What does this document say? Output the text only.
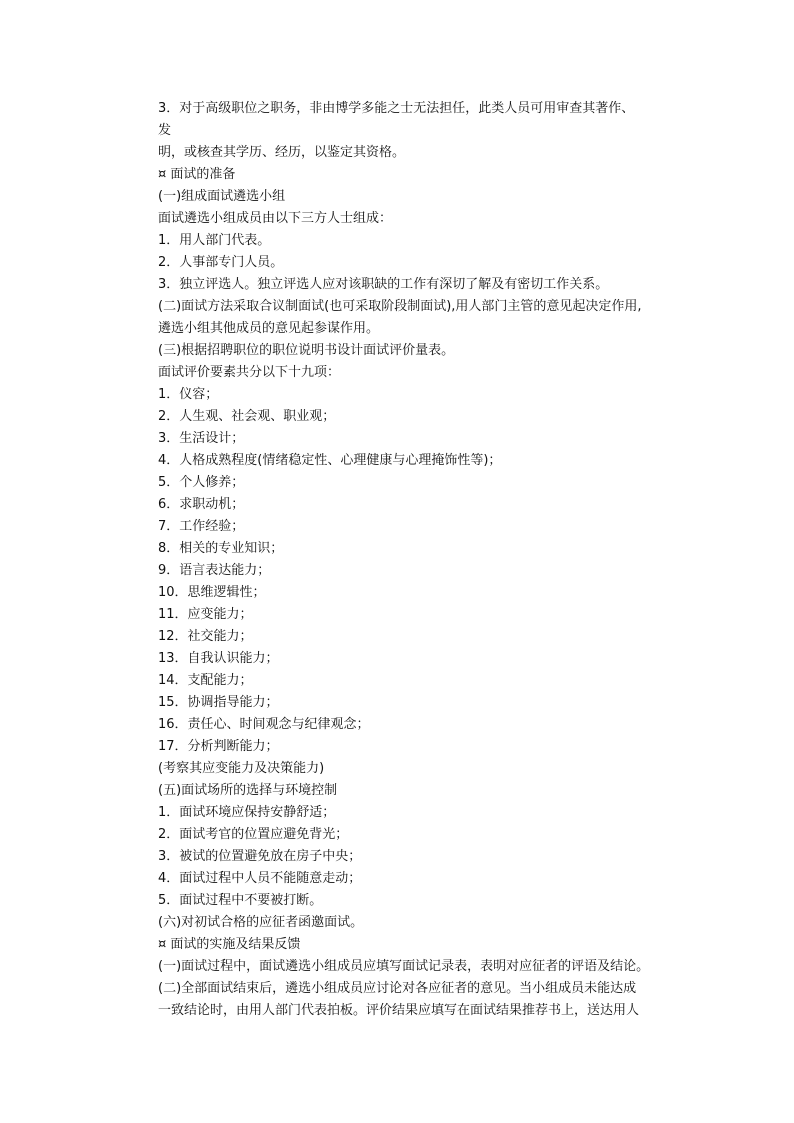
3．对于高级职位之职务，非由博学多能之士无法担任，此类人员可用审查其著作、
发
明，或核查其学历、经历，以鉴定其资格。
¤ 面试的准备
(一)组成面试遴选小组
面试遴选小组成员由以下三方人士组成：
1．用人部门代表。
2．人事部专门人员。
3．独立评选人。独立评选人应对该职缺的工作有深切了解及有密切工作关系。
(二)面试方法采取合议制面试(也可采取阶段制面试),用人部门主管的意见起决定作用,
遴选小组其他成员的意见起参谋作用。
(三)根据招聘职位的职位说明书设计面试评价量表。
面试评价要素共分以下十九项：
1．仪容；
2．人生观、社会观、职业观；
3．生活设计；
4．人格成熟程度(情绪稳定性、心理健康与心理掩饰性等)；
5．个人修养；
6．求职动机；
7．工作经验；
8．相关的专业知识；
9．语言表达能力；
10．思维逻辑性；
11．应变能力；
12．社交能力；
13．自我认识能力；
14．支配能力；
15．协调指导能力；
16．责任心、时间观念与纪律观念；
17．分析判断能力；
(考察其应变能力及决策能力)
(五)面试场所的选择与环境控制
1．面试环境应保持安静舒适；
2．面试考官的位置应避免背光；
3．被试的位置避免放在房子中央；
4．面试过程中人员不能随意走动；
5．面试过程中不要被打断。
(六)对初试合格的应征者函邀面试。
¤ 面试的实施及结果反馈
(一)面试过程中，面试遴选小组成员应填写面试记录表，表明对应征者的评语及结论。
(二)全部面试结束后，遴选小组成员应讨论对各应征者的意见。当小组成员未能达成
一致结论时，由用人部门代表拍板。评价结果应填写在面试结果推荐书上，送达用人
